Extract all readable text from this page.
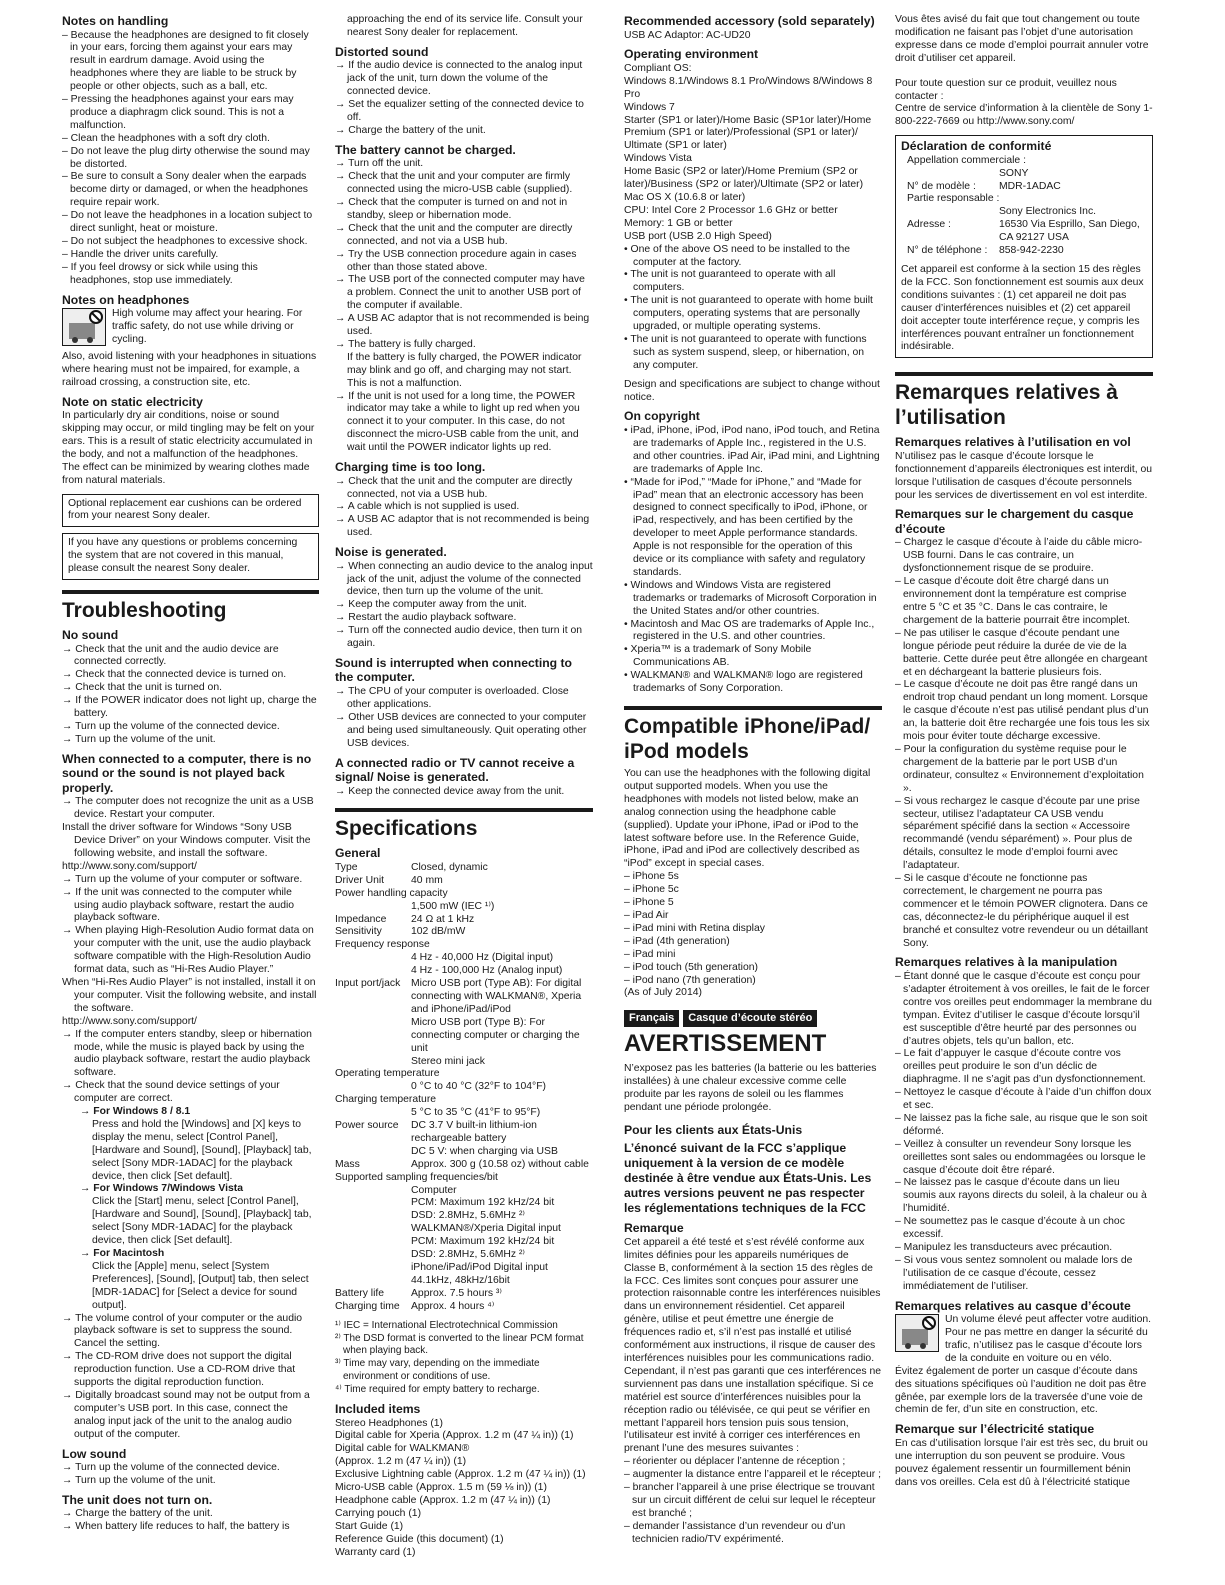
Notes on handling

– Because the headphones are designed to fit closely in your ears, forcing them against your ears may result in eardrum damage. Avoid using the headphones where they are liable to be struck by people or other objects, such as a ball, etc.

– Pressing the headphones against your ears may produce a diaphragm click sound. This is not a malfunction.

– Clean the headphones with a soft dry cloth.

– Do not leave the plug dirty otherwise the sound may be distorted.

– Be sure to consult a Sony dealer when the earpads become dirty or damaged, or when the headphones require repair work.

– Do not leave the headphones in a location subject to direct sunlight, heat or moisture.

– Do not subject the headphones to excessive shock.

– Handle the driver units carefully.

– If you feel drowsy or sick while using this headphones, stop use immediately.

Notes on headphones

High volume may affect your hearing. For traffic safety, do not use while driving or cycling.

Also, avoid listening with your headphones in situations where hearing must not be impaired, for example, a railroad crossing, a construction site, etc.

Note on static electricity

In particularly dry air conditions, noise or sound skipping may occur, or mild tingling may be felt on your ears. This is a result of static electricity accumulated in the body, and not a malfunction of the headphones.

The effect can be minimized by wearing clothes made from natural materials.

Optional replacement ear cushions can be ordered from your nearest Sony dealer.
If you have any questions or problems concerning the system that are not covered in this manual, please consult the nearest Sony dealer.
Troubleshooting
No sound

→ Check that the unit and the audio device are connected correctly.

→ Check that the connected device is turned on.

→ Check that the unit is turned on.

→ If the POWER indicator does not light up, charge the battery.

→ Turn up the volume of the connected device.

→ Turn up the volume of the unit.

When connected to a computer, there is no sound or the sound is not played back properly.

→ The computer does not recognize the unit as a USB device. Restart your computer.

Install the driver software for Windows “Sony USB Device Driver” on your Windows computer. Visit the following website, and install the software.

http://www.sony.com/support/

→ Turn up the volume of your computer or software.

→ If the unit was connected to the computer while using audio playback software, restart the audio playback software.

→ When playing High-Resolution Audio format data on your computer with the unit, use the audio playback software compatible with the High-Resolution Audio format data, such as “Hi-Res Audio Player.”

When “Hi-Res Audio Player” is not installed, install it on your computer. Visit the following website, and install the software.

http://www.sony.com/support/

→ If the computer enters standby, sleep or hibernation mode, while the music is played back by using the audio playback software, restart the audio playback software.

→ Check that the sound device settings of your computer are correct.

→ For Windows 8 / 8.1
Press and hold the [Windows] and [X] keys to display the menu, select [Control Panel], [Hardware and Sound], [Sound], [Playback] tab, select [Sony MDR-1ADAC] for the playback device, then click [Set default].
→ For Windows 7/Windows Vista
Click the [Start] menu, select [Control Panel], [Hardware and Sound], [Sound], [Playback] tab, select [Sony MDR-1ADAC] for the playback device, then click [Set default].
→ For Macintosh
Click the [Apple] menu, select [System Preferences], [Sound], [Output] tab, then select [MDR-1ADAC] for [Select a device for sound output].

→ The volume control of your computer or the audio playback software is set to suppress the sound. Cancel the setting.

→ The CD-ROM drive does not support the digital reproduction function. Use a CD-ROM drive that supports the digital reproduction function.

→ Digitally broadcast sound may not be output from a computer’s USB port. In this case, connect the analog input jack of the unit to the analog audio output of the computer.

Low sound

→ Turn up the volume of the connected device.

→ Turn up the volume of the unit.

The unit does not turn on.

→ Charge the battery of the unit.

→ When battery life reduces to half, the battery is

approaching the end of its service life. Consult your nearest Sony dealer for replacement.

Distorted sound

→ If the audio device is connected to the analog input jack of the unit, turn down the volume of the connected device.

→ Set the equalizer setting of the connected device to off.

→ Charge the battery of the unit.

The battery cannot be charged.

→ Turn off the unit.

→ Check that the unit and your computer are firmly connected using the micro-USB cable (supplied).

→ Check that the computer is turned on and not in standby, sleep or hibernation mode.

→ Check that the unit and the computer are directly connected, and not via a USB hub.

→ Try the USB connection procedure again in cases other than those stated above.

→ The USB port of the connected computer may have a problem. Connect the unit to another USB port of the computer if available.

→ A USB AC adaptor that is not recommended is being used.

→ The battery is fully charged.

If the battery is fully charged, the POWER indicator may blink and go off, and charging may not start. This is not a malfunction.

→ If the unit is not used for a long time, the POWER indicator may take a while to light up red when you connect it to your computer. In this case, do not disconnect the micro-USB cable from the unit, and wait until the POWER indicator lights up red.

Charging time is too long.

→ Check that the unit and the computer are directly connected, not via a USB hub.

→ A cable which is not supplied is used.

→ A USB AC adaptor that is not recommended is being used.

Noise is generated.

→ When connecting an audio device to the analog input jack of the unit, adjust the volume of the connected device, then turn up the volume of the unit.

→ Keep the computer away from the unit.

→ Restart the audio playback software.

→ Turn off the connected audio device, then turn it on again.

Sound is interrupted when connecting to the computer.

→ The CPU of your computer is overloaded. Close other applications.

→ Other USB devices are connected to your computer and being used simultaneously. Quit operating other USB devices.

A connected radio or TV cannot receive a signal/ Noise is generated.

→ Keep the connected device away from the unit.

Specifications
General
Type	Closed, dynamic
Driver Unit	40 mm

Power handling capacity

1,500 mW (IEC ¹⁾)

Impedance	24 Ω at 1 kHz
Sensitivity	102 dB/mW

Frequency response

4 Hz - 40,000 Hz (Digital input)

4 Hz - 100,000 Hz (Analog input)

Input port/jack	Micro USB port (Type AB): For digital connecting with WALKMAN®, Xperia and iPhone/iPad/iPod

Micro USB port (Type B): For connecting computer or charging the unit

Stereo mini jack

Operating temperature

0 °C to 40 °C (32°F to 104°F)

Charging temperature

5 °C to 35 °C (41°F to 95°F)

Power source	DC 3.7 V built-in lithium-ion rechargeable battery

DC 5 V: when charging via USB

Mass	Approx. 300 g (10.58 oz) without cable

Supported sampling frequencies/bit

Computer

PCM: Maximum 192 kHz/24 bit

DSD: 2.8MHz, 5.6MHz ²⁾

WALKMAN®/Xperia Digital input

PCM: Maximum 192 kHz/24 bit

DSD: 2.8MHz, 5.6MHz ²⁾

iPhone/iPad/iPod Digital input

44.1kHz, 48kHz/16bit

Battery life	Approx. 7.5 hours ³⁾
Charging time	Approx. 4 hours ⁴⁾

¹⁾ IEC = International Electrotechnical Commission

²⁾ The DSD format is converted to the linear PCM format when playing back.

³⁾ Time may vary, depending on the immediate environment or conditions of use.

⁴⁾ Time required for empty battery to recharge.

Included items

Stereo Headphones (1)

Digital cable for Xperia (Approx. 1.2 m (47 ¼ in)) (1)

Digital cable for WALKMAN®

(Approx. 1.2 m (47 ¼ in)) (1)

Exclusive Lightning cable (Approx. 1.2 m (47 ¼ in)) (1)

Micro-USB cable (Approx. 1.5 m (59 ⅛ in)) (1)

Headphone cable (Approx. 1.2 m (47 ¼ in)) (1)

Carrying pouch (1)

Start Guide (1)

Reference Guide (this document) (1)

Warranty card (1)

Recommended accessory (sold separately)

USB AC Adaptor: AC-UD20

Operating environment

Compliant OS:

Windows 8.1/Windows 8.1 Pro/Windows 8/Windows 8 Pro

Windows 7

Starter (SP1 or later)/Home Basic (SP1or later)/Home Premium (SP1 or later)/Professional (SP1 or later)/ Ultimate (SP1 or later)

Windows Vista

Home Basic (SP2 or later)/Home Premium (SP2 or later)/Business (SP2 or later)/Ultimate (SP2 or later)

Mac OS X (10.6.8 or later)

CPU: Intel Core 2 Processor 1.6 GHz or better

Memory: 1 GB or better

USB port (USB 2.0 High Speed)

• One of the above OS need to be installed to the computer at the factory.

• The unit is not guaranteed to operate with all computers.

• The unit is not guaranteed to operate with home built computers, operating systems that are personally upgraded, or multiple operating systems.

• The unit is not guaranteed to operate with functions such as system suspend, sleep, or hibernation, on any computer.

Design and specifications are subject to change without notice.

On copyright

• iPad, iPhone, iPod, iPod nano, iPod touch, and Retina are trademarks of Apple Inc., registered in the U.S. and other countries. iPad Air, iPad mini, and Lightning are trademarks of Apple Inc.

• “Made for iPod,” “Made for iPhone,” and “Made for iPad” mean that an electronic accessory has been designed to connect specifically to iPod, iPhone, or iPad, respectively, and has been certified by the developer to meet Apple performance standards. Apple is not responsible for the operation of this device or its compliance with safety and regulatory standards.

• Windows and Windows Vista are registered trademarks or trademarks of Microsoft Corporation in the United States and/or other countries.

• Macintosh and Mac OS are trademarks of Apple Inc., registered in the U.S. and other countries.

• Xperia™ is a trademark of Sony Mobile Communications AB.

• WALKMAN® and WALKMAN® logo are registered trademarks of Sony Corporation.

Compatible iPhone/iPad/ iPod models

You can use the headphones with the following digital output supported models. When you use the headphones with models not listed below, make an analog connection using the headphone cable (supplied). Update your iPhone, iPad or iPod to the latest software before use. In the Reference Guide, iPhone, iPad and iPod are collectively described as “iPod” except in special cases.

– iPhone 5s

– iPhone 5c

– iPhone 5

– iPad Air

– iPad mini with Retina display

– iPad (4th generation)

– iPad mini

– iPod touch (5th generation)

– iPod nano (7th generation)

(As of July 2014)

Français	Casque d’écoute stéréo
AVERTISSEMENT

N’exposez pas les batteries (la batterie ou les batteries installées) à une chaleur excessive comme celle produite par les rayons de soleil ou les flammes pendant une période prolongée.

Pour les clients aux États-Unis
L’énoncé suivant de la FCC s’applique uniquement à la version de ce modèle destinée à être vendue aux États-Unis. Les autres versions peuvent ne pas respecter les réglementations techniques de la FCC
Remarque

Cet appareil a été testé et s’est révélé conforme aux limites définies pour les appareils numériques de Classe B, conformément à la section 15 des règles de la FCC. Ces limites sont conçues pour assurer une protection raisonnable contre les interférences nuisibles dans un environnement résidentiel. Cet appareil génère, utilise et peut émettre une énergie de fréquences radio et, s’il n’est pas installé et utilisé conformément aux instructions, il risque de causer des interférences nuisibles pour les communications radio. Cependant, il n’est pas garanti que ces interférences ne surviennent pas dans une installation spécifique. Si ce matériel est source d’interférences nuisibles pour la réception radio ou télévisée, ce qui peut se vérifier en mettant l’appareil hors tension puis sous tension, l’utilisateur est invité à corriger ces interférences en prenant l’une des mesures suivantes :

– réorienter ou déplacer l’antenne de réception ;

– augmenter la distance entre l’appareil et le récepteur ;

– brancher l’appareil à une prise électrique se trouvant sur un circuit différent de celui sur lequel le récepteur est branché ;

– demander l’assistance d’un revendeur ou d’un technicien radio/TV expérimenté.

Vous êtes avisé du fait que tout changement ou toute modification ne faisant pas l’objet d’une autorisation expresse dans ce mode d’emploi pourrait annuler votre droit d’utiliser cet appareil.

Pour toute question sur ce produit, veuillez nous contacter :

Centre de service d’information à la clientèle de Sony 1-800-222-7669 ou http://www.sony.com/

Déclaration de conformité

Appellation commerciale :

SONY

N° de modèle :	MDR-1ADAC

Partie responsable :

Sony Electronics Inc.

Adresse :	16530 Via Esprillo, San Diego, CA 92127 USA
N° de téléphone :	858-942-2230

Cet appareil est conforme à la section 15 des règles de la FCC. Son fonctionnement est soumis aux deux conditions suivantes : (1) cet appareil ne doit pas causer d’interférences nuisibles et (2) cet appareil doit accepter toute interférence reçue, y compris les interférences pouvant entraîner un fonctionnement indésirable.

Remarques relatives à l’utilisation
Remarques relatives à l’utilisation en vol

N’utilisez pas le casque d’écoute lorsque le fonctionnement d’appareils électroniques est interdit, ou lorsque l’utilisation de casques d’écoute personnels pour les services de divertissement en vol est interdite.

Remarques sur le chargement du casque d’écoute

– Chargez le casque d’écoute à l’aide du câble micro-USB fourni. Dans le cas contraire, un dysfonctionnement risque de se produire.

– Le casque d’écoute doit être chargé dans un environnement dont la température est comprise entre 5 °C et 35 °C. Dans le cas contraire, le chargement de la batterie pourrait être incomplet.

– Ne pas utiliser le casque d’écoute pendant une longue période peut réduire la durée de vie de la batterie. Cette durée peut être allongée en chargeant et en déchargeant la batterie plusieurs fois.

– Le casque d’écoute ne doit pas être rangé dans un endroit trop chaud pendant un long moment. Lorsque le casque d’écoute n’est pas utilisé pendant plus d’un an, la batterie doit être rechargée une fois tous les six mois pour éviter toute décharge excessive.

– Pour la configuration du système requise pour le chargement de la batterie par le port USB d’un ordinateur, consultez « Environnement d’exploitation ».

– Si vous rechargez le casque d’écoute par une prise secteur, utilisez l’adaptateur CA USB vendu séparément spécifié dans la section « Accessoire recommandé (vendu séparément) ». Pour plus de détails, consultez le mode d’emploi fourni avec l’adaptateur.

– Si le casque d’écoute ne fonctionne pas correctement, le chargement ne pourra pas commencer et le témoin POWER clignotera. Dans ce cas, déconnectez-le du périphérique auquel il est branché et consultez votre revendeur ou un détaillant Sony.

Remarques relatives à la manipulation

– Étant donné que le casque d’écoute est conçu pour s’adapter étroitement à vos oreilles, le fait de le forcer contre vos oreilles peut endommager la membrane du tympan. Évitez d’utiliser le casque d’écoute lorsqu’il est susceptible d’être heurté par des personnes ou d’autres objets, tels qu’un ballon, etc.

– Le fait d’appuyer le casque d’écoute contre vos oreilles peut produire le son d’un déclic de diaphragme. Il ne s’agit pas d’un dysfonctionnement.

– Nettoyez le casque d’écoute à l’aide d’un chiffon doux et sec.

– Ne laissez pas la fiche sale, au risque que le son soit déformé.

– Veillez à consulter un revendeur Sony lorsque les oreillettes sont sales ou endommagées ou lorsque le casque d’écoute doit être réparé.

– Ne laissez pas le casque d’écoute dans un lieu soumis aux rayons directs du soleil, à la chaleur ou à l’humidité.

– Ne soumettez pas le casque d’écoute à un choc excessif.

– Manipulez les transducteurs avec précaution.

– Si vous vous sentez somnolent ou malade lors de l’utilisation de ce casque d’écoute, cessez immédiatement de l’utiliser.

Remarques relatives au casque d’écoute

Un volume élevé peut affecter votre audition. Pour ne pas mettre en danger la sécurité du trafic, n’utilisez pas le casque d’écoute lors de la conduite en voiture ou en vélo.

Évitez également de porter un casque d’écoute dans des situations spécifiques où l’audition ne doit pas être gênée, par exemple lors de la traversée d’une voie de chemin de fer, d’un site en construction, etc.

Remarque sur l’électricité statique

En cas d’utilisation lorsque l’air est très sec, du bruit ou une interruption du son peuvent se produire. Vous pouvez également ressentir un fourmillement bénin dans vos oreilles. Cela est dû à l’électricité statique
